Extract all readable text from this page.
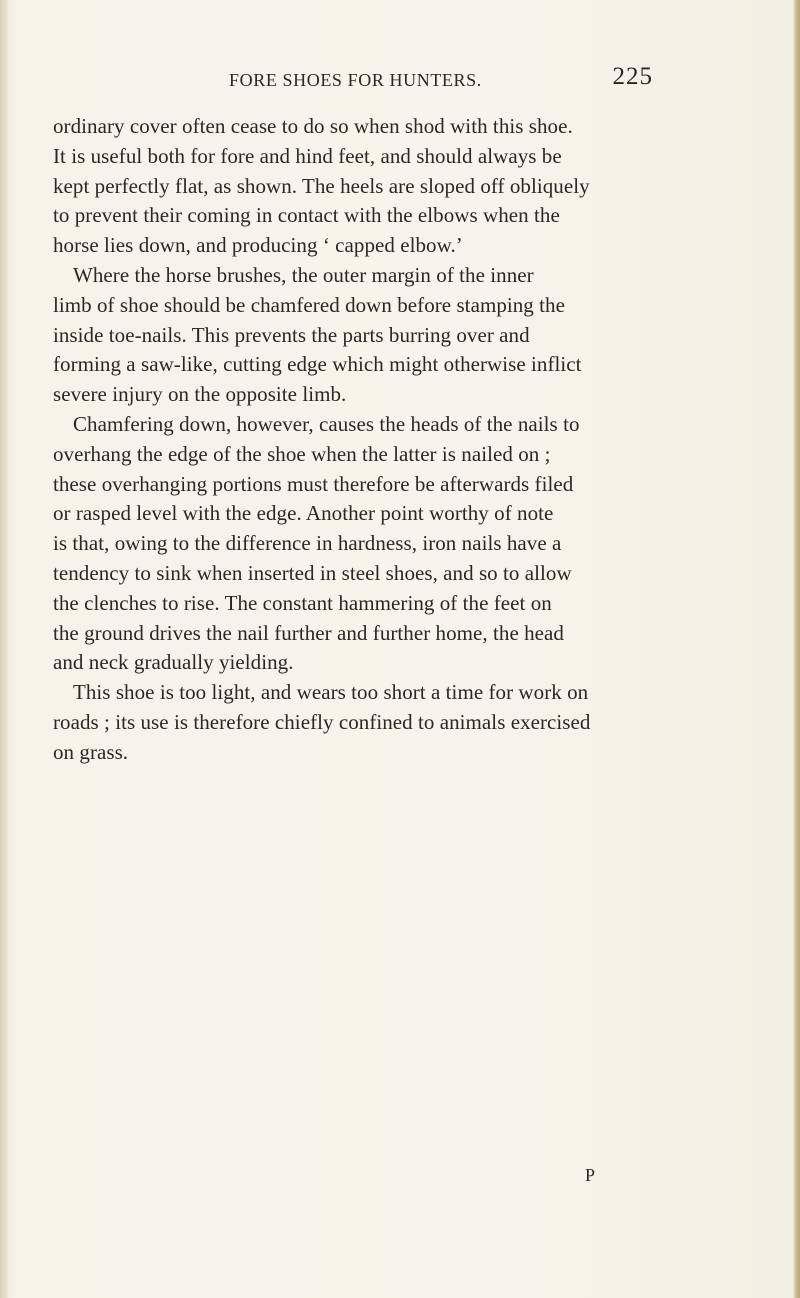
FORE SHOES FOR HUNTERS.	225
ordinary cover often cease to do so when shod with this shoe.
It is useful both for fore and hind feet, and should always be
kept perfectly flat, as shown. The heels are sloped off obliquely
to prevent their coming in contact with the elbows when the
horse lies down, and producing ‘ capped elbow.’
Where the horse brushes, the outer margin of the inner
limb of shoe should be chamfered down before stamping the
inside toe-nails. This prevents the parts burring over and
forming a saw-like, cutting edge which might otherwise inflict
severe injury on the opposite limb.
Chamfering down, however, causes the heads of the nails to
overhang the edge of the shoe when the latter is nailed on ;
these overhanging portions must therefore be afterwards filed
or rasped level with the edge. Another point worthy of note
is that, owing to the difference in hardness, iron nails have a
tendency to sink when inserted in steel shoes, and so to allow
the clenches to rise. The constant hammering of the feet on
the ground drives the nail further and further home, the head
and neck gradually yielding.
This shoe is too light, and wears too short a time for work on
roads ; its use is therefore chiefly confined to animals exercised
on grass.
P
